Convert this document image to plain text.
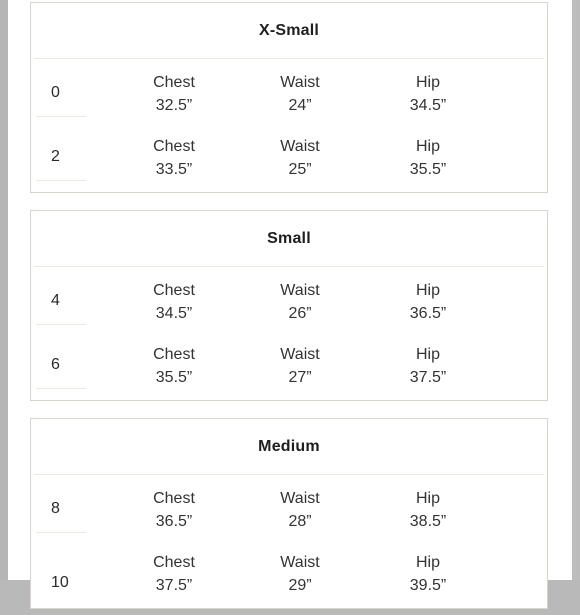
X-Small
0
Chest
32.5”
Waist
24”
Hip
34.5”
2
Chest
33.5”
Waist
25”
Hip
35.5”
Small
4
Chest
34.5”
Waist
26”
Hip
36.5”
6
Chest
35.5”
Waist
27”
Hip
37.5”
Medium
8
Chest
36.5”
Waist
28”
Hip
38.5”
10
Chest
37.5”
Waist
29”
Hip
39.5”
